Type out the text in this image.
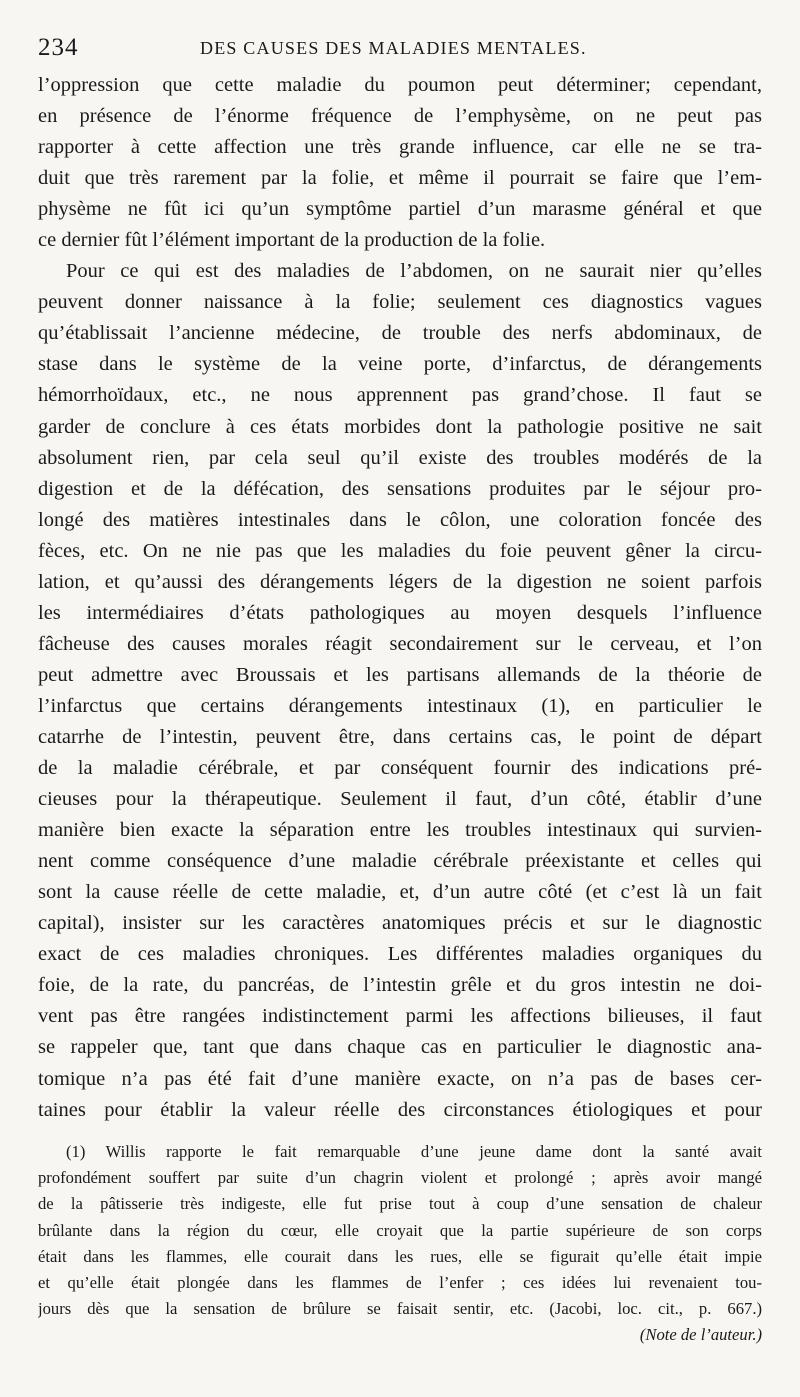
234	DES CAUSES DES MALADIES MENTALES.
l’oppression que cette maladie du poumon peut déterminer; cependant,
en présence de l’énorme fréquence de l’emphysème, on ne peut pas
rapporter à cette affection une très grande influence, car elle ne se tra-
duit que très rarement par la folie, et même il pourrait se faire que l’em-
physème ne fût ici qu’un symptôme partiel d’un marasme général et que
ce dernier fût l’élément important de la production de la folie.
Pour ce qui est des maladies de l’abdomen, on ne saurait nier qu’elles
peuvent donner naissance à la folie; seulement ces diagnostics vagues
qu’établissait l’ancienne médecine, de trouble des nerfs abdominaux, de
stase dans le système de la veine porte, d’infarctus, de dérangements
hémorrhoïdaux, etc., ne nous apprennent pas grand’chose. Il faut se
garder de conclure à ces états morbides dont la pathologie positive ne sait
absolument rien, par cela seul qu’il existe des troubles modérés de la
digestion et de la défécation, des sensations produites par le séjour pro-
longé des matières intestinales dans le côlon, une coloration foncée des
fèces, etc. On ne nie pas que les maladies du foie peuvent gêner la circu-
lation, et qu’aussi des dérangements légers de la digestion ne soient parfois
les intermédiaires d’états pathologiques au moyen desquels l’influence
fâcheuse des causes morales réagit secondairement sur le cerveau, et l’on
peut admettre avec Broussais et les partisans allemands de la théorie de
l’infarctus que certains dérangements intestinaux (1), en particulier le
catarrhe de l’intestin, peuvent être, dans certains cas, le point de départ
de la maladie cérébrale, et par conséquent fournir des indications pré-
cieuses pour la thérapeutique. Seulement il faut, d’un côté, établir d’une
manière bien exacte la séparation entre les troubles intestinaux qui survien-
nent comme conséquence d’une maladie cérébrale préexistante et celles qui
sont la cause réelle de cette maladie, et, d’un autre côté (et c’est là un fait
capital), insister sur les caractères anatomiques précis et sur le diagnostic
exact de ces maladies chroniques. Les différentes maladies organiques du
foie, de la rate, du pancréas, de l’intestin grêle et du gros intestin ne doi-
vent pas être rangées indistinctement parmi les affections bilieuses, il faut
se rappeler que, tant que dans chaque cas en particulier le diagnostic ana-
tomique n’a pas été fait d’une manière exacte, on n’a pas de bases cer-
taines pour établir la valeur réelle des circonstances étiologiques et pour
(1) Willis rapporte le fait remarquable d’une jeune dame dont la santé avait
profondément souffert par suite d’un chagrin violent et prolongé ; après avoir mangé
de la pâtisserie très indigeste, elle fut prise tout à coup d’une sensation de chaleur
brûlante dans la région du cœur, elle croyait que la partie supérieure de son corps
était dans les flammes, elle courait dans les rues, elle se figurait qu’elle était impie
et qu’elle était plongée dans les flammes de l’enfer ; ces idées lui revenaient tou-
jours dès que la sensation de brûlure se faisait sentir, etc. (Jacobi, loc. cit., p. 667.)
(Note de l’auteur.)
